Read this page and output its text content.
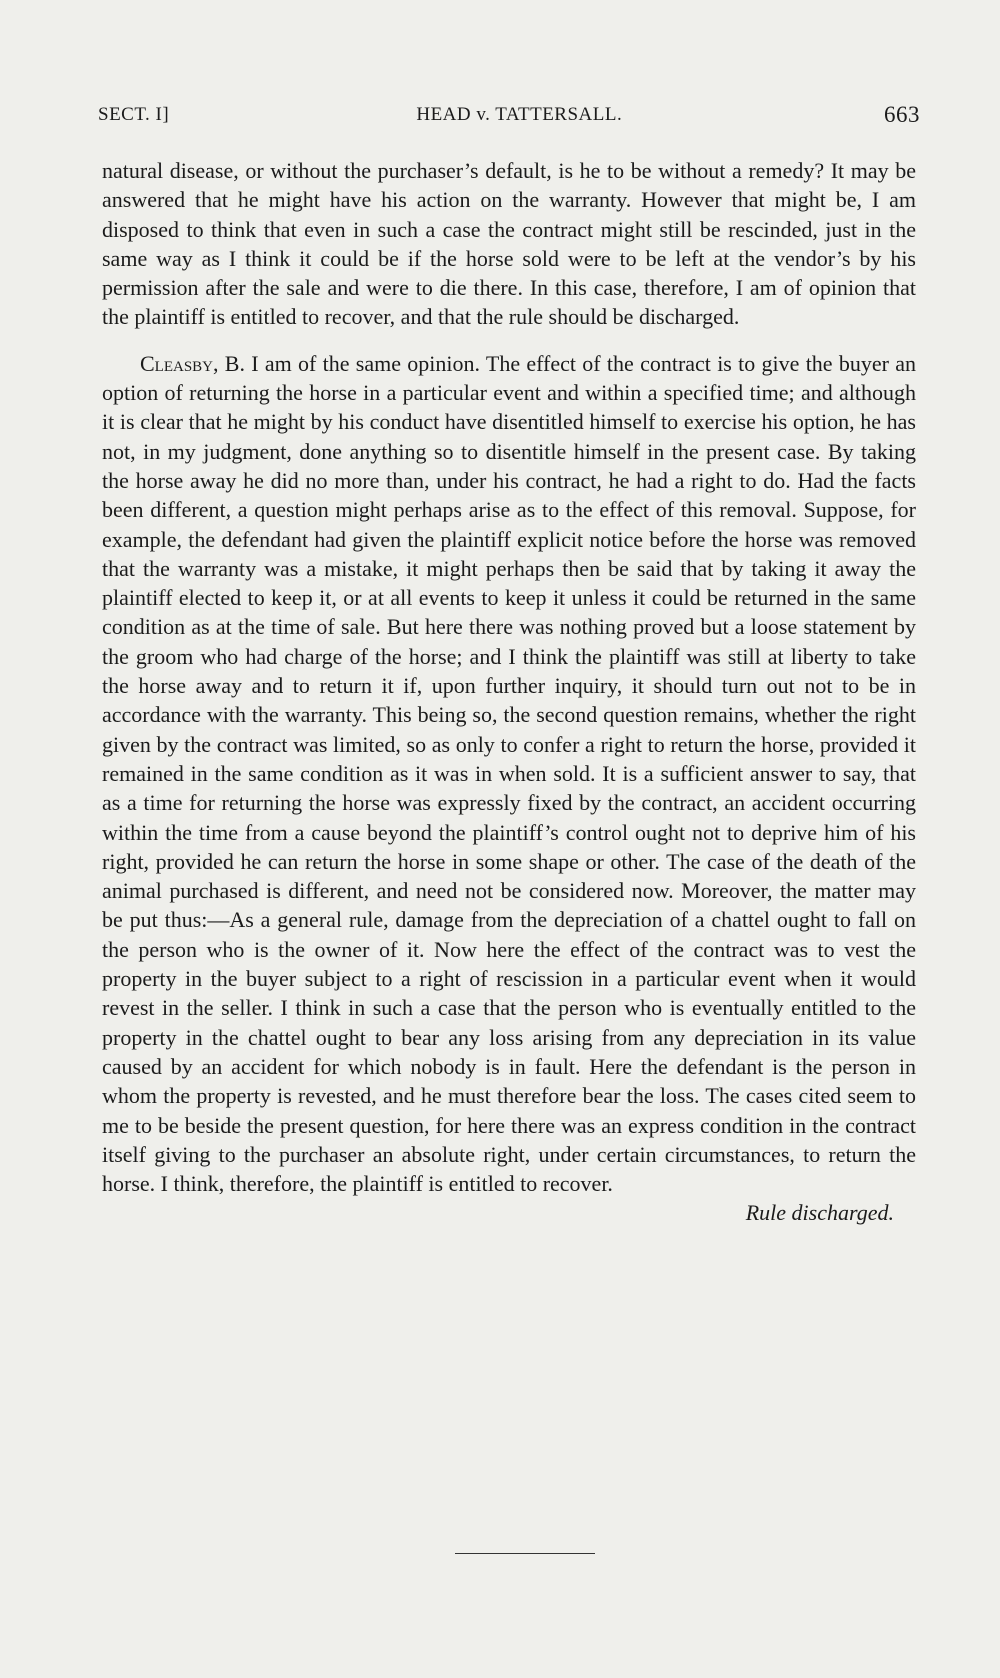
SECT. I]	HEAD v. TATTERSALL.	663

natural disease, or without the purchaser’s default, is he to be without a remedy? It may be answered that he might have his action on the warranty. However that might be, I am disposed to think that even in such a case the contract might still be rescinded, just in the same way as I think it could be if the horse sold were to be left at the vendor’s by his permission after the sale and were to die there. In this case, therefore, I am of opinion that the plaintiff is entitled to recover, and that the rule should be discharged.

Cleasby, B. I am of the same opinion. The effect of the contract is to give the buyer an option of returning the horse in a particular event and within a specified time; and although it is clear that he might by his conduct have disentitled himself to exercise his option, he has not, in my judgment, done anything so to disentitle himself in the present case. By taking the horse away he did no more than, under his contract, he had a right to do. Had the facts been different, a question might perhaps arise as to the effect of this removal. Suppose, for example, the defendant had given the plaintiff explicit notice before the horse was removed that the warranty was a mistake, it might perhaps then be said that by taking it away the plaintiff elected to keep it, or at all events to keep it unless it could be returned in the same condition as at the time of sale. But here there was nothing proved but a loose statement by the groom who had charge of the horse; and I think the plaintiff was still at liberty to take the horse away and to return it if, upon further inquiry, it should turn out not to be in accordance with the warranty. This being so, the second question remains, whether the right given by the contract was limited, so as only to confer a right to return the horse, provided it remained in the same condition as it was in when sold. It is a sufficient answer to say, that as a time for returning the horse was expressly fixed by the contract, an accident occurring within the time from a cause beyond the plaintiff’s control ought not to deprive him of his right, provided he can return the horse in some shape or other. The case of the death of the animal purchased is different, and need not be considered now. Moreover, the matter may be put thus:—As a general rule, damage from the depreciation of a chattel ought to fall on the person who is the owner of it. Now here the effect of the contract was to vest the property in the buyer subject to a right of rescission in a particular event when it would revest in the seller. I think in such a case that the person who is eventually entitled to the property in the chattel ought to bear any loss arising from any depreciation in its value caused by an accident for which nobody is in fault. Here the defendant is the person in whom the property is revested, and he must therefore bear the loss. The cases cited seem to me to be beside the present question, for here there was an express condition in the contract itself giving to the purchaser an absolute right, under certain circumstances, to return the horse. I think, therefore, the plaintiff is entitled to recover.

Rule discharged.
